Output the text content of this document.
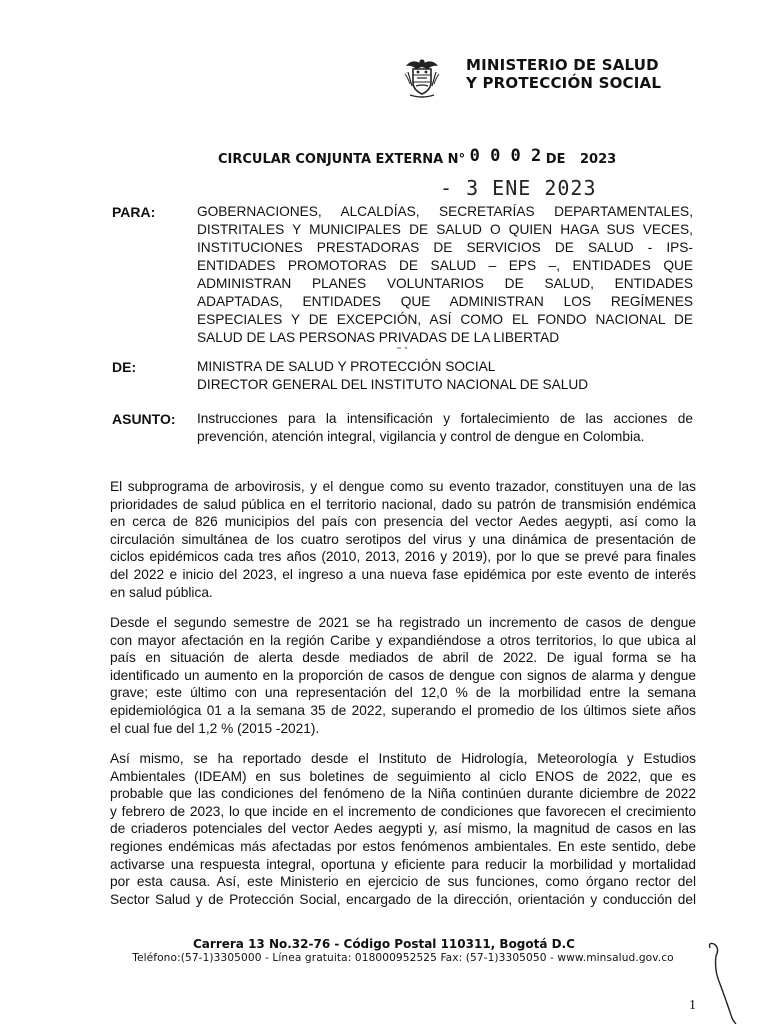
MINISTERIO DE SALUD
Y PROTECCIÓN SOCIAL
CIRCULAR CONJUNTA EXTERNA N° 0 0 0 2 DE 2023
- 3 ENE 2023
PARA:	GOBERNACIONES, ALCALDÍAS, SECRETARÍAS DEPARTAMENTALES,
DISTRITALES Y MUNICIPALES DE SALUD O QUIEN HAGA SUS VECES,
INSTITUCIONES PRESTADORAS DE SERVICIOS DE SALUD - IPS-
ENTIDADES PROMOTORAS DE SALUD – EPS –, ENTIDADES QUE
ADMINISTRAN PLANES VOLUNTARIOS DE SALUD, ENTIDADES
ADAPTADAS, ENTIDADES QUE ADMINISTRAN LOS REGÍMENES
ESPECIALES Y DE EXCEPCIÓN, ASÍ COMO EL FONDO NACIONAL DE
SALUD DE LAS PERSONAS PRIVADAS DE LA LIBERTAD
DE:	MINISTRA DE SALUD Y PROTECCIÓN SOCIAL
DIRECTOR GENERAL DEL INSTITUTO NACIONAL DE SALUD
ASUNTO: Instrucciones para la intensificación y fortalecimiento de las acciones de
prevención, atención integral, vigilancia y control de dengue en Colombia.
El subprograma de arbovirosis, y el dengue como su evento trazador, constituyen una de las
prioridades de salud pública en el territorio nacional, dado su patrón de transmisión endémica
en cerca de 826 municipios del país con presencia del vector Aedes aegypti, así como la
circulación simultánea de los cuatro serotipos del virus y una dinámica de presentación de
ciclos epidémicos cada tres años (2010, 2013, 2016 y 2019), por lo que se prevé para finales
del 2022 e inicio del 2023, el ingreso a una nueva fase epidémica por este evento de interés
en salud pública.
Desde el segundo semestre de 2021 se ha registrado un incremento de casos de dengue
con mayor afectación en la región Caribe y expandiéndose a otros territorios, lo que ubica al
país en situación de alerta desde mediados de abril de 2022. De igual forma se ha
identificado un aumento en la proporción de casos de dengue con signos de alarma y dengue
grave; este último con una representación del 12,0 % de la morbilidad entre la semana
epidemiológica 01 a la semana 35 de 2022, superando el promedio de los últimos siete años
el cual fue del 1,2 % (2015 -2021).
Así mismo, se ha reportado desde el Instituto de Hidrología, Meteorología y Estudios
Ambientales (IDEAM) en sus boletines de seguimiento al ciclo ENOS de 2022, que es
probable que las condiciones del fenómeno de la Niña continúen durante diciembre de 2022
y febrero de 2023, lo que incide en el incremento de condiciones que favorecen el crecimiento
de criaderos potenciales del vector Aedes aegypti y, así mismo, la magnitud de casos en las
regiones endémicas más afectadas por estos fenómenos ambientales. En este sentido, debe
activarse una respuesta integral, oportuna y eficiente para reducir la morbilidad y mortalidad
por esta causa. Así, este Ministerio en ejercicio de sus funciones, como órgano rector del
Sector Salud y de Protección Social, encargado de la dirección, orientación y conducción del
Carrera 13 No.32-76 - Código Postal 110311, Bogotá D.C
Teléfono:(57-1)3305000 - Línea gratuita: 018000952525 Fax: (57-1)3305050 - www.minsalud.gov.co
1
